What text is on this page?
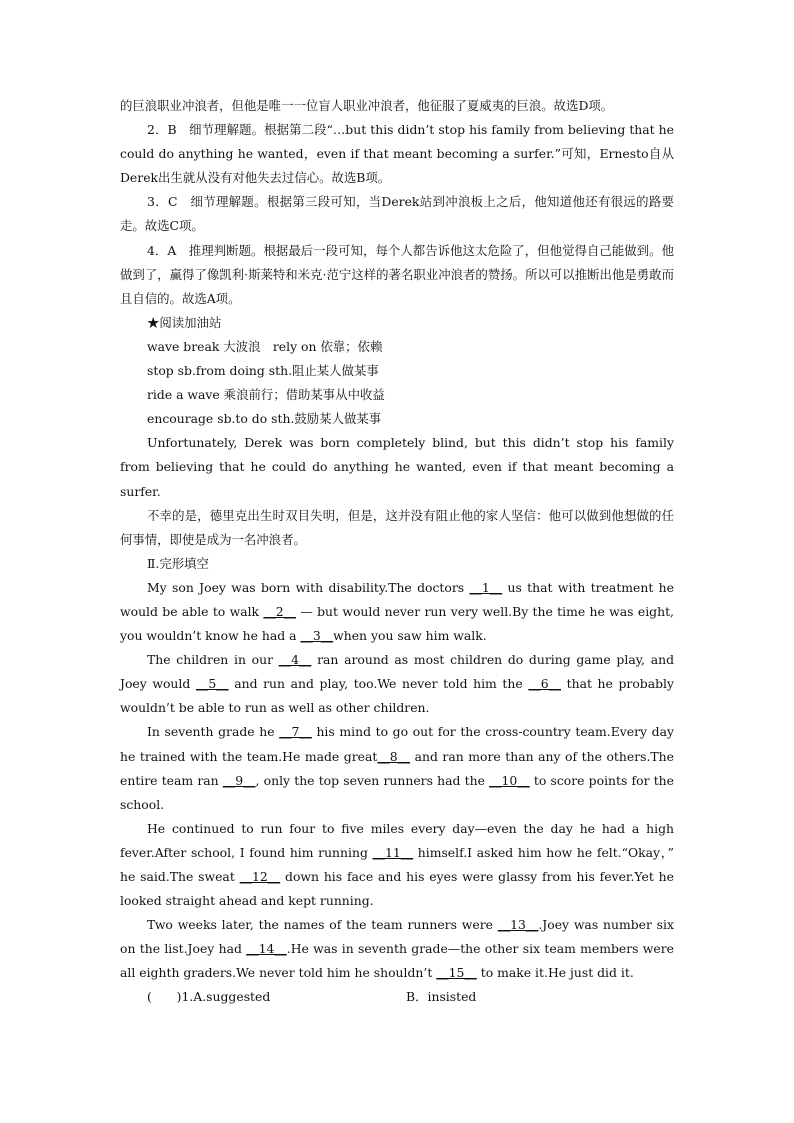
的巨浪职业冲浪者，但他是唯一一位盲人职业冲浪者，他征服了夏威夷的巨浪。故选D项。

2．B　细节理解题。根据第二段“…but this didn’t stop his family from believing that he could do anything he wanted，even if that meant becoming a surfer.”可知，Ernesto自从Derek出生就从没有对他失去过信心。故选B项。

3．C　细节理解题。根据第三段可知，当Derek站到冲浪板上之后，他知道他还有很远的路要走。故选C项。

4．A　推理判断题。根据最后一段可知，每个人都告诉他这太危险了，但他觉得自己能做到。他做到了，赢得了像凯利·斯莱特和米克·范宁这样的著名职业冲浪者的赞扬。所以可以推断出他是勇敢而且自信的。故选A项。

★阅读加油站

wave break 大波浪　rely on 依靠；依赖

stop sb.from doing sth.阻止某人做某事

ride a wave 乘浪前行；借助某事从中收益

encourage sb.to do sth.鼓励某人做某事

Unfortunately, Derek was born completely blind, but this didn’t stop his family from believing that he could do anything he wanted, even if that meant becoming a surfer.

不幸的是，德里克出生时双目失明，但是，这并没有阻止他的家人坚信：他可以做到他想做的任何事情，即使是成为一名冲浪者。

Ⅱ.完形填空

My son Joey was born with disability.The doctors __1__ us that with treatment he would be able to walk __2__ — but would never run very well.By the time he was eight, you wouldn’t know he had a __3__when you saw him walk.

The children in our __4__ ran around as most children do during game play, and Joey would __5__ and run and play, too.We never told him the __6__ that he probably wouldn’t be able to run as well as other children.

In seventh grade he __7__ his mind to go out for the cross-country team.Every day he trained with the team.He made great__8__ and ran more than any of the others.The entire team ran __9__, only the top seven runners had the __10__ to score points for the school.

He continued to run four to five miles every day—even the day he had a high fever.After school, I found him running __11__ himself.I asked him how he felt.“Okay，” he said.The sweat __12__ down his face and his eyes were glassy from his fever.Yet he looked straight ahead and kept running.

Two weeks later, the names of the team runners were __13__.Joey was number six on the list.Joey had __14__.He was in seventh grade—the other six team members were all eighth graders.We never told him he shouldn’t __15__ to make it.He just did it.

(　　)1.A.suggested	B．insisted
